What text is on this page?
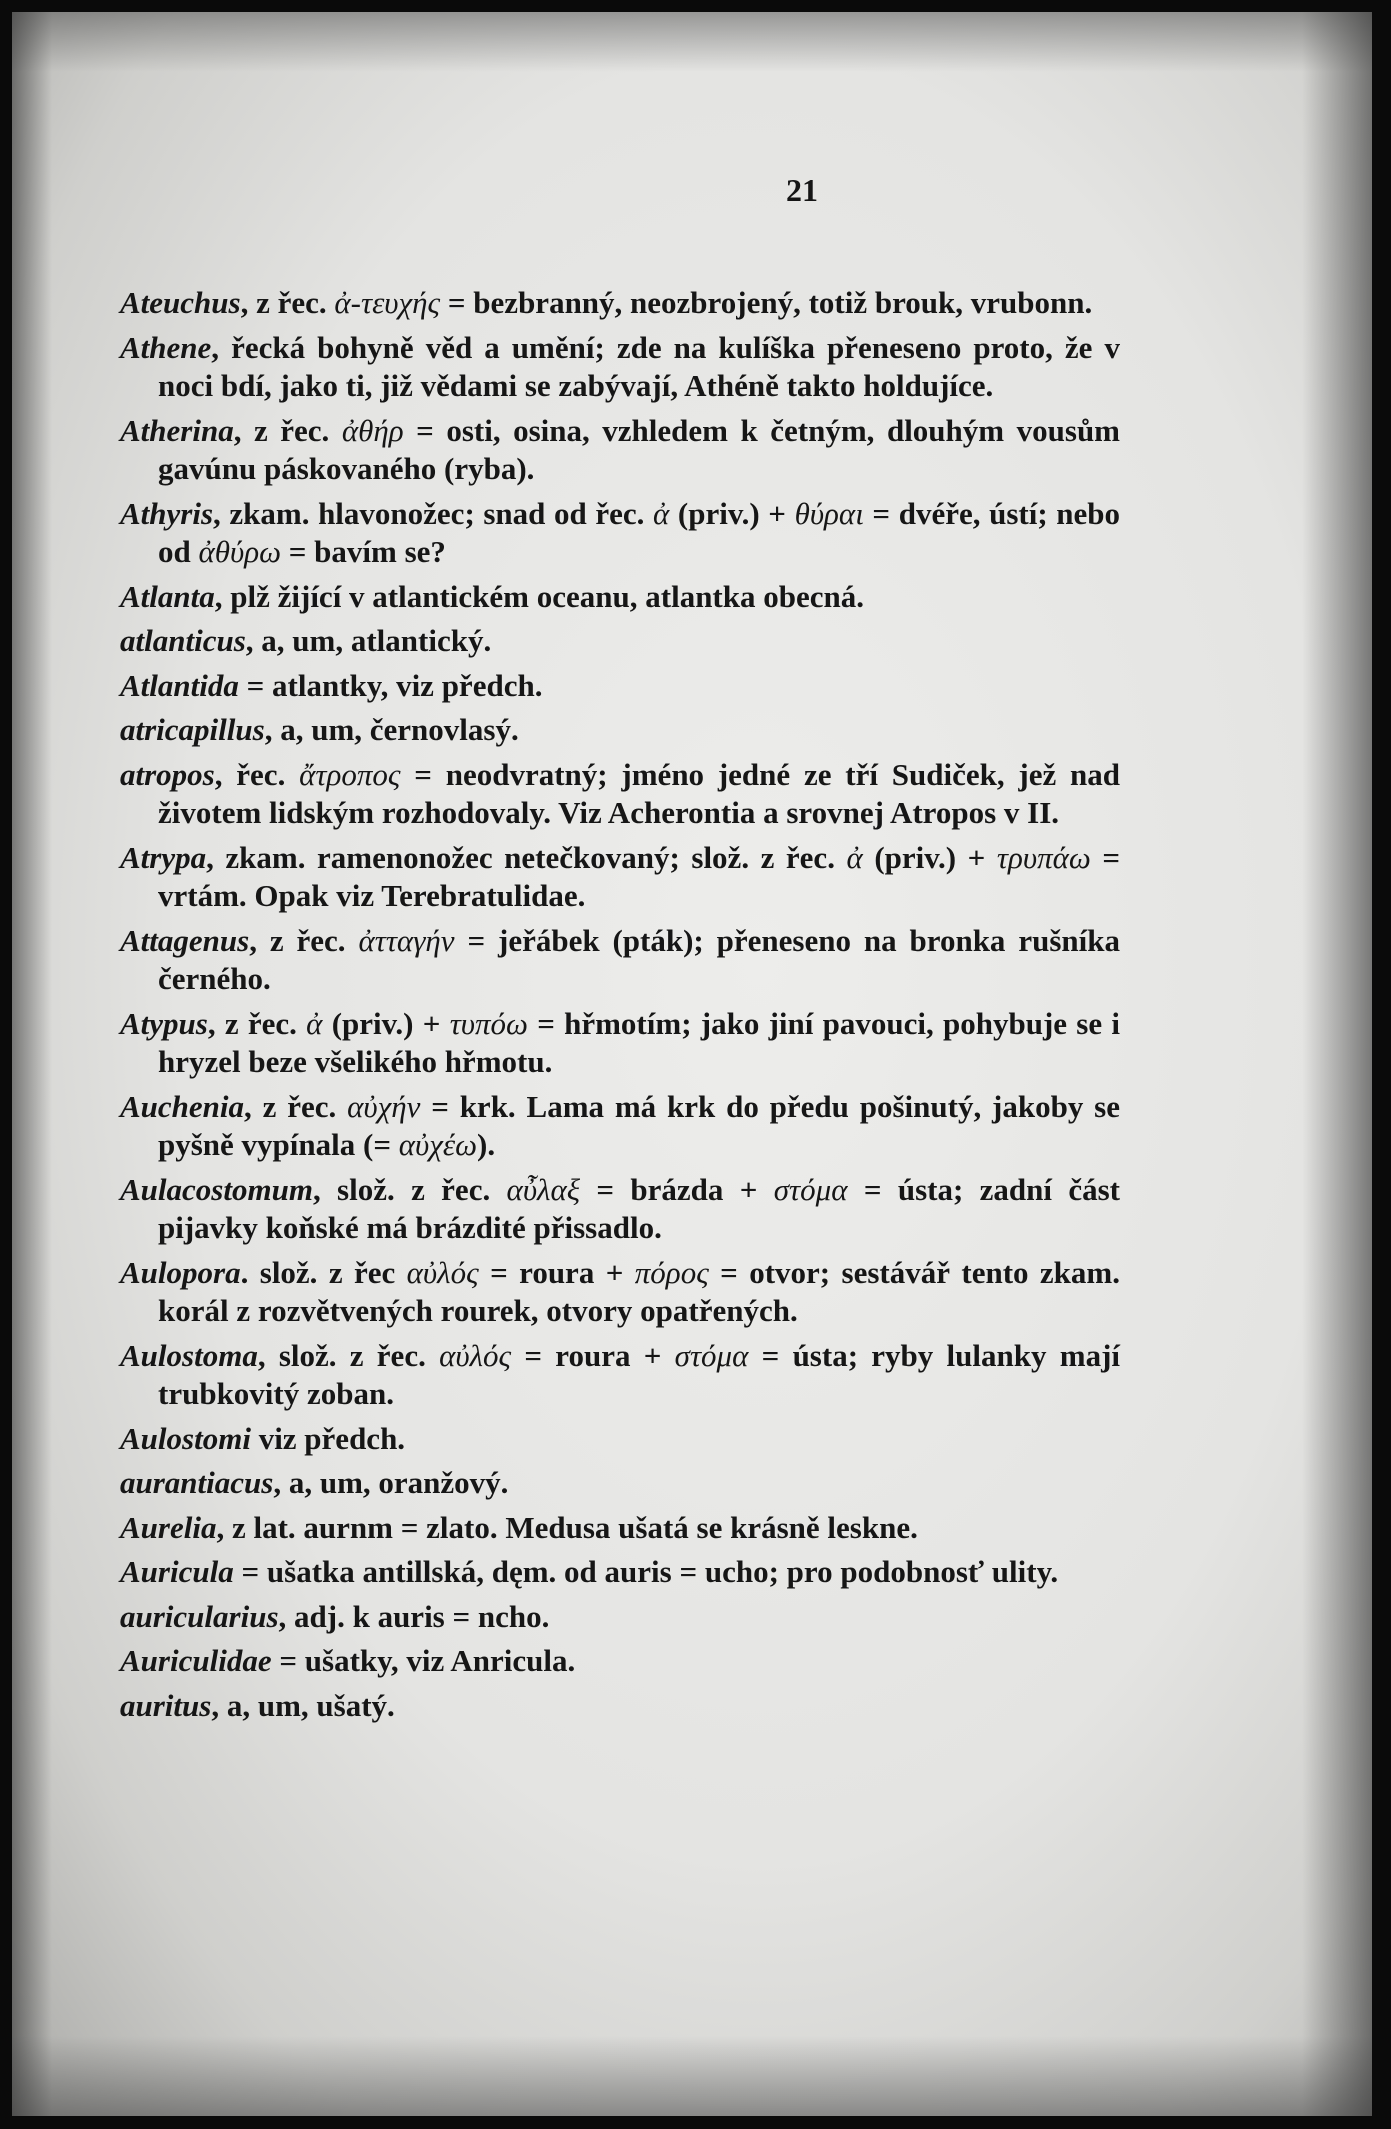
21

Ateuchus, z řec. ἀ-τευχής = bezbranný, neozbrojený, totiž brouk, vrubonn.

Athene, řecká bohyně věd a umění; zde na kulíška přeneseno proto, že v noci bdí, jako ti, již vědami se zabývají, Athéně takto holdujíce.

Atherina, z řec. ἀθήρ = osti, osina, vzhledem k četným, dlouhým vousům gavúnu páskovaného (ryba).

Athyris, zkam. hlavonožec; snad od řec. ἀ (priv.) + θύραι = dvéře, ústí; nebo od ἀθύρω = bavím se?

Atlanta, plž žijící v atlantickém oceanu, atlantka obecná.

atlanticus, a, um, atlantický.

Atlantida = atlantky, viz předch.

atricapillus, a, um, černovlasý.

atropos, řec. ἄτροπος = neodvratný; jméno jedné ze tří Sudiček, jež nad životem lidským rozhodovaly. Viz Acherontia a srovnej Atropos v II.

Atrypa, zkam. ramenonožec netečkovaný; slož. z řec. ἀ (priv.) + τρυπάω = vrtám. Opak viz Terebratulidae.

Attagenus, z řec. ἀτταγήν = jeřábek (pták); přeneseno na bronka rušníka černého.

Atypus, z řec. ἀ (priv.) + τυπόω = hřmotím; jako jiní pavouci, pohybuje se i hryzel beze všelikého hřmotu.

Auchenia, z řec. αὐχήν = krk. Lama má krk do předu pošinutý, jakoby se pyšně vypínala (= αὐχέω).

Aulacostomum, slož. z řec. αὖλαξ = brázda + στόμα = ústa; zadní část pijavky koňské má brázdité přissadlo.

Aulopora. slož. z řec αὐλός = roura + πόρος = otvor; sestávář tento zkam. korál z rozvětvených rourek, otvory opatřených.

Aulostoma, slož. z řec. αὐλός = roura + στόμα = ústa; ryby lulanky mají trubkovitý zoban.

Aulostomi viz předch.

aurantiacus, a, um, oranžový.

Aurelia, z lat. aurnm = zlato. Medusa ušatá se krásně leskne.

Auricula = ušatka antillská, dęm. od auris = ucho; pro podobnosť ulity.

auricularius, adj. k auris = ncho.

Auriculidae = ušatky, viz Anricula.

auritus, a, um, ušatý.
